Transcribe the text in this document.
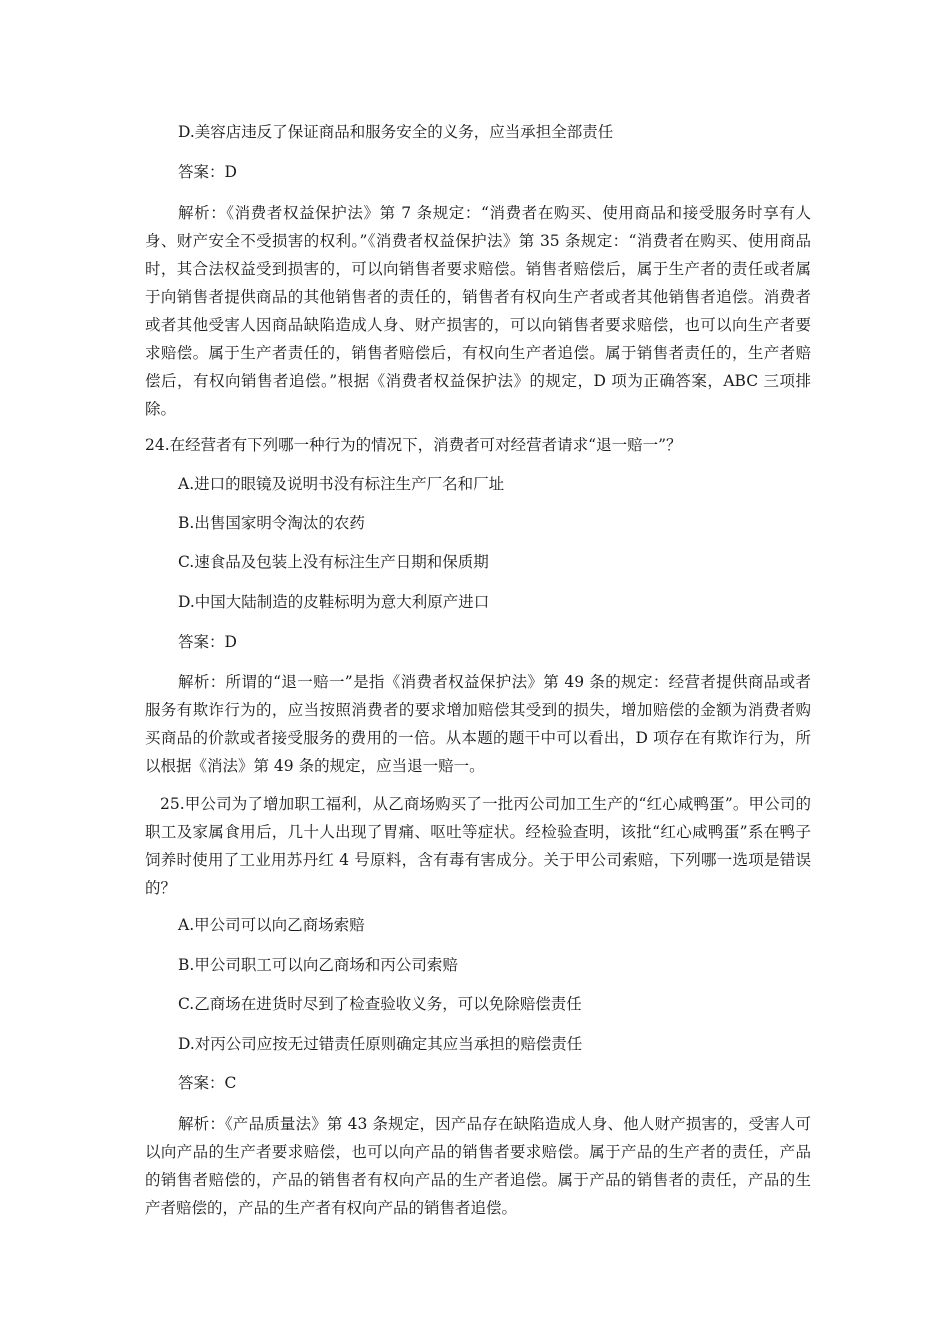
D.美容店违反了保证商品和服务安全的义务，应当承担全部责任
答案：D
解析：《消费者权益保护法》第 7 条规定：“消费者在购买、使用商品和接受服务时享有人身、财产安全不受损害的权利。”《消费者权益保护法》第 35 条规定：“消费者在购买、使用商品时，其合法权益受到损害的，可以向销售者要求赔偿。销售者赔偿后，属于生产者的责任或者属于向销售者提供商品的其他销售者的责任的，销售者有权向生产者或者其他销售者追偿。消费者或者其他受害人因商品缺陷造成人身、财产损害的，可以向销售者要求赔偿，也可以向生产者要求赔偿。属于生产者责任的，销售者赔偿后，有权向生产者追偿。属于销售者责任的，生产者赔偿后，有权向销售者追偿。”根据《消费者权益保护法》的规定，D 项为正确答案，ABC 三项排除。
24.在经营者有下列哪一种行为的情况下，消费者可对经营者请求“退一赔一”？
A.进口的眼镜及说明书没有标注生产厂名和厂址
B.出售国家明令淘汰的农药
C.速食品及包装上没有标注生产日期和保质期
D.中国大陆制造的皮鞋标明为意大利原产进口
答案：D
解析：所谓的“退一赔一”是指《消费者权益保护法》第 49 条的规定：经营者提供商品或者服务有欺诈行为的，应当按照消费者的要求增加赔偿其受到的损失，增加赔偿的金额为消费者购买商品的价款或者接受服务的费用的一倍。从本题的题干中可以看出，D 项存在有欺诈行为，所以根据《消法》第 49 条的规定，应当退一赔一。
25.甲公司为了增加职工福利，从乙商场购买了一批丙公司加工生产的“红心咸鸭蛋”。甲公司的职工及家属食用后，几十人出现了胃痛、呕吐等症状。经检验查明，该批“红心咸鸭蛋”系在鸭子饲养时使用了工业用苏丹红 4 号原料，含有毒有害成分。关于甲公司索赔，下列哪一选项是错误的？
A.甲公司可以向乙商场索赔
B.甲公司职工可以向乙商场和丙公司索赔
C.乙商场在进货时尽到了检查验收义务，可以免除赔偿责任
D.对丙公司应按无过错责任原则确定其应当承担的赔偿责任
答案：C
解析：《产品质量法》第 43 条规定，因产品存在缺陷造成人身、他人财产损害的，受害人可以向产品的生产者要求赔偿，也可以向产品的销售者要求赔偿。属于产品的生产者的责任，产品的销售者赔偿的，产品的销售者有权向产品的生产者追偿。属于产品的销售者的责任，产品的生产者赔偿的，产品的生产者有权向产品的销售者追偿。
